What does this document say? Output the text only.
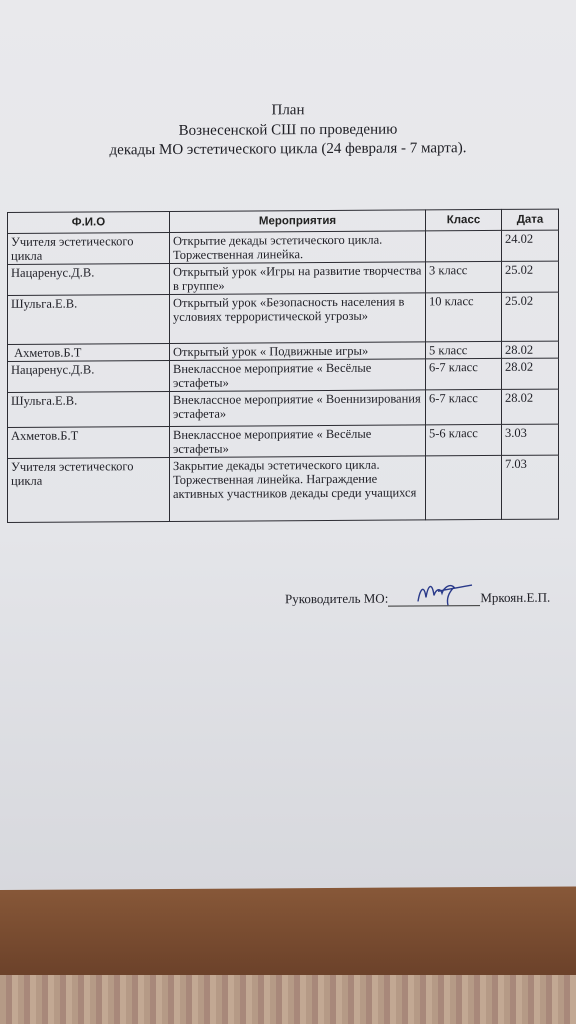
План
Вознесенской СШ по проведению
декады МО эстетического цикла (24 февраля - 7 марта).
Ф.И.О	Мероприятия	Класс	Дата
Учителя эстетического цикла	Открытие декады эстетического цикла. Торжественная линейка.		24.02
Нацаренус.Д.В.	Открытый урок «Игры на развитие творчества в группе»	3 класс	25.02
Шульга.Е.В.	Открытый урок «Безопасность населения в условиях террористической угрозы»	10 класс	25.02
Ахметов.Б.Т	Открытый урок « Подвижные игры»	5 класс	28.02
Нацаренус.Д.В.	Внеклассное мероприятие « Весёлые эстафеты»	6-7 класс	28.02
Шульга.Е.В.	Внеклассное мероприятие « Военнизирования эстафета»	6-7 класс	28.02
Ахметов.Б.Т	Внеклассное мероприятие « Весёлые эстафеты»	5-6 класс	3.03
Учителя эстетического цикла	Закрытие декады эстетического цикла. Торжественная линейка. Награждение активных участников декады среди учащихся		7.03
Руководитель МО:	Мркоян.Е.П.
